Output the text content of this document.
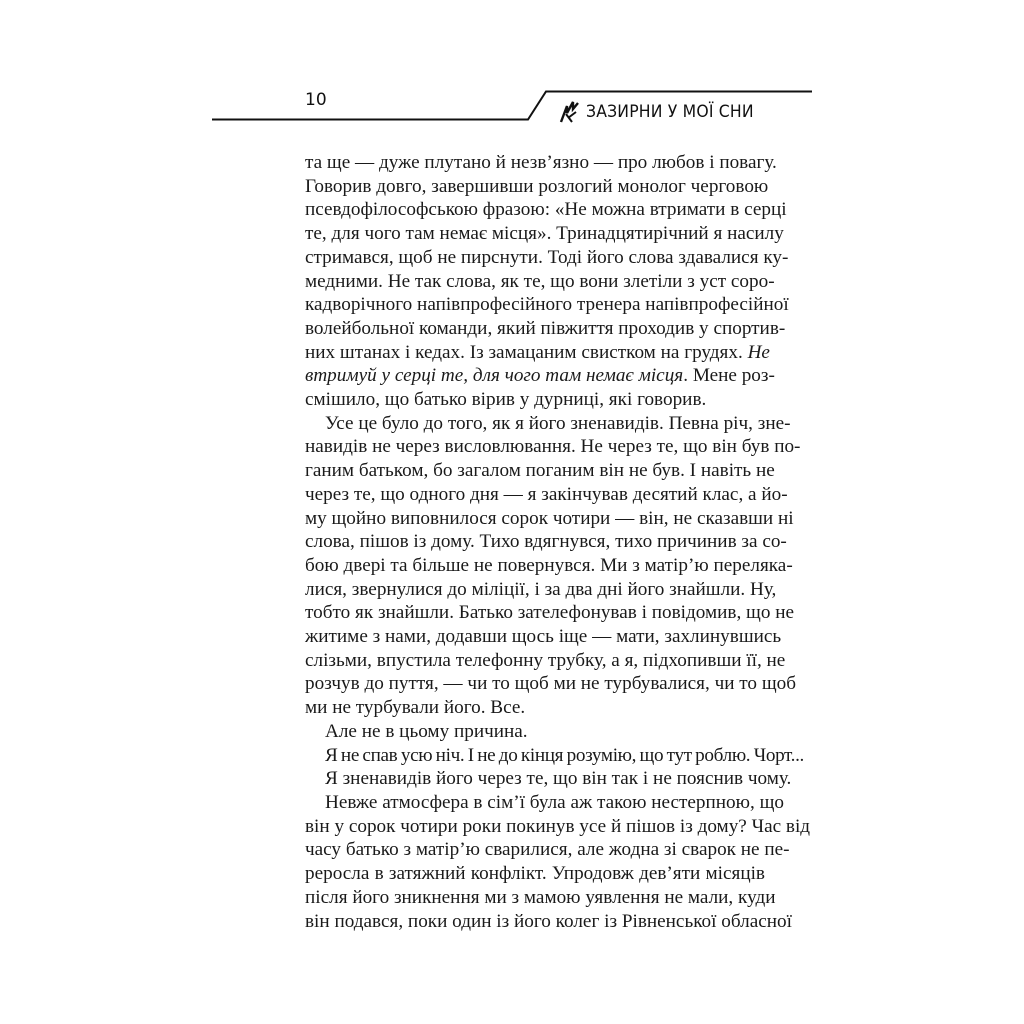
10
ЗАЗИРНИ У МОЇ СНИ
та ще — дуже плутано й незв’язно — про любов і повагу.
Говорив довго, завершивши розлогий монолог черговою
псевдофілософською фразою: «Не можна втримати в серці
те, для чого там немає місця». Тринадцятирічний я насилу
стримався, щоб не пирснути. Тоді його слова здавалися ку-
медними. Не так слова, як те, що вони злетіли з уст соро-
кадворічного напівпрофесійного тренера напівпрофесійної
волейбольної команди, який півжиття проходив у спортив-
них штанах і кедах. Із замацаним свистком на грудях. Не
втримуй у серці те, для чого там немає місця. Мене роз-
смішило, що батько вірив у дурниці, які говорив.
Усе це було до того, як я його зненавидів. Певна річ, зне-
навидів не через висловлювання. Не через те, що він був по-
ганим батьком, бо загалом поганим він не був. І навіть не
через те, що одного дня — я закінчував десятий клас, а йо-
му щойно виповнилося сорок чотири — він, не сказавши ні
слова, пішов із дому. Тихо вдягнувся, тихо причинив за со-
бою двері та більше не повернувся. Ми з матір’ю переляка-
лися, звернулися до міліції, і за два дні його знайшли. Ну,
тобто як знайшли. Батько зателефонував і повідомив, що не
житиме з нами, додавши щось іще — мати, захлинувшись
слізьми, впустила телефонну трубку, а я, підхопивши її, не
розчув до пуття, — чи то щоб ми не турбувалися, чи то щоб
ми не турбували його. Все.
Але не в цьому причина.
Я не спав усю ніч. І не до кінця розумію, що тут роблю. Чорт...
Я зненавидів його через те, що він так і не пояснив чому.
Невже атмосфера в сім’ї була аж такою нестерпною, що
він у сорок чотири роки покинув усе й пішов із дому? Час від
часу батько з матір’ю сварилися, але жодна зі сварок не пе-
реросла в затяжний конфлікт. Упродовж дев’яти місяців
після його зникнення ми з мамою уявлення не мали, куди
він подався, поки один із його колег із Рівненської обласної
